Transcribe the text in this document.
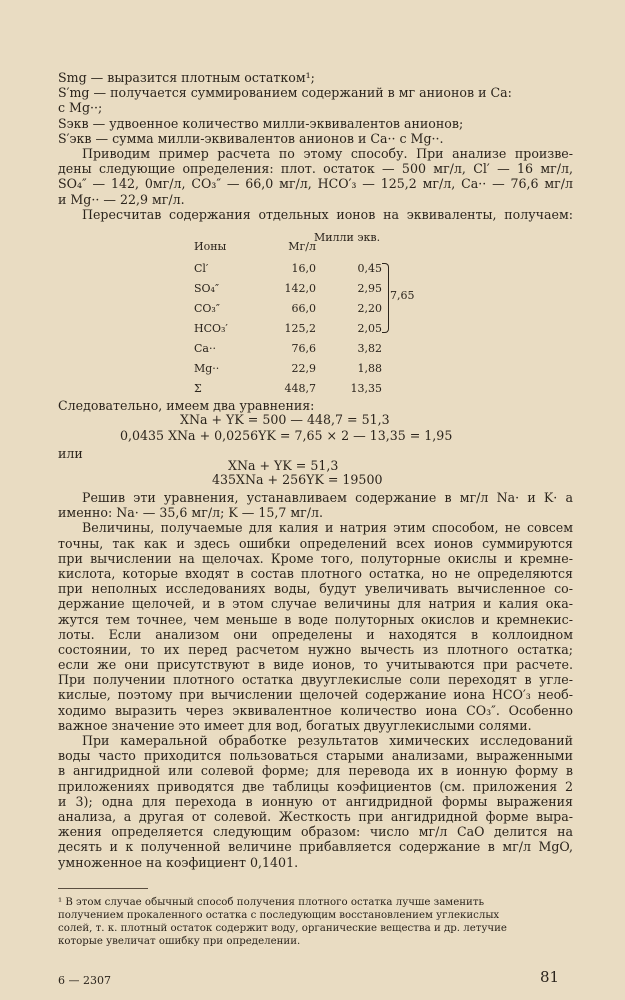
Smg — выразится плотным остатком¹;
S′mg — получается суммированием содержаний в мг анионов и Ca:
с Mg··;
Sэкв — удвоенное количество милли-эквивалентов анионов;
S′экв — сумма милли-эквивалентов анионов и Ca·· с Mg··.
Приводим пример расчета по этому способу. При анализе произве-
дены следующие определения: плот. остаток — 500 мг/л, Cl′ — 16 мг/л,
SO₄″ — 142, 0мг/л, CO₃″ — 66,0 мг/л, HCO′₃ — 125,2 мг/л, Ca·· — 76,6 мг/л
и Mg·· — 22,9 мг/л.
Пересчитав содержания отдельных ионов на эквиваленты, получаем:
Ионы	Мг/л
Милли экв.
Cl′	16,0	0,45
SO₄″	142,0	2,95
CO₃″	66,0	2,20
HCO₃′	125,2	2,05
Ca··	76,6	3,82
Mg··	22,9	1,88
Σ	448,7	13,35
7,65
Следовательно, имеем два уравнения:
XNa + YK = 500 — 448,7 = 51,3
0,0435 XNa + 0,0256YK = 7,65 × 2 — 13,35 = 1,95
или
XNa + YK = 51,3
435XNa + 256YK = 19500
Решив эти уравнения, устанавливаем содержание в мг/л Na· и K· а
именно: Na· — 35,6 мг/л; K — 15,7 мг/л.
Величины, получаемые для калия и натрия этим способом, не совсем
точны, так как и здесь ошибки определений всех ионов суммируются
при вычислении на щелочах. Кроме того, полуторные окислы и кремне-
кислота, которые входят в состав плотного остатка, но не определяются
при неполных исследованиях воды, будут увеличивать вычисленное со-
держание щелочей, и в этом случае величины для натрия и калия ока-
жутся тем точнее, чем меньше в воде полуторных окислов и кремнекис-
лоты. Если анализом они определены и находятся в коллоидном
состоянии, то их перед расчетом нужно вычесть из плотного остатка;
если же они присутствуют в виде ионов, то учитываются при расчете.
При получении плотного остатка двууглекислые соли переходят в угле-
кислые, поэтому при вычислении щелочей содержание иона HCO′₃ необ-
ходимо выразить через эквивалентное количество иона CO₃″. Особенно
важное значение это имеет для вод, богатых двууглекислыми солями.
При камеральной обработке результатов химических исследований
воды часто приходится пользоваться старыми анализами, выраженными
в ангидридной или солевой форме; для перевода их в ионную форму в
приложениях приводятся две таблицы коэфициентов (см. приложения 2
и 3); одна для перехода в ионную от ангидридной формы выражения
анализа, а другая от солевой. Жесткость при ангидридной форме выра-
жения определяется следующим образом: число мг/л CaO делится на
десять и к полученной величине прибавляется содержание в мг/л MgO,
умноженное на коэфициент 0,1401.
¹ В этом случае обычный способ получения плотного остатка лучше заменить
получением прокаленного остатка с последующим восстановлением углекислых
солей, т. к. плотный остаток содержит воду, органические вещества и др. летучие
которые увеличат ошибку при определении.
6 — 2307	81
